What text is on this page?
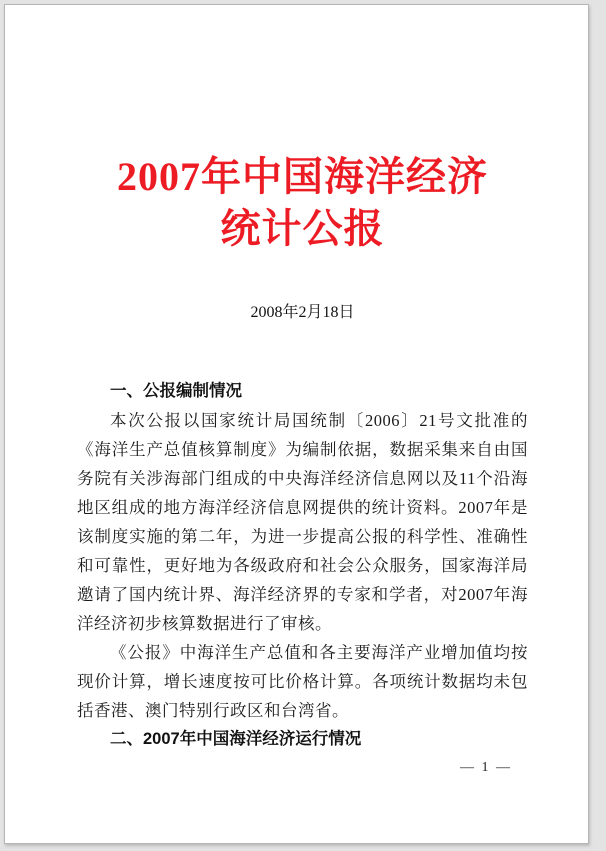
2007年中国海洋经济
统计公报

2008年2月18日

一、公报编制情况

本次公报以国家统计局国统制〔2006〕21号文批准的《海洋生产总值核算制度》为编制依据，数据采集来自由国务院有关涉海部门组成的中央海洋经济信息网以及11个沿海地区组成的地方海洋经济信息网提供的统计资料。2007年是该制度实施的第二年，为进一步提高公报的科学性、准确性和可靠性，更好地为各级政府和社会公众服务，国家海洋局邀请了国内统计界、海洋经济界的专家和学者，对2007年海洋经济初步核算数据进行了审核。

《公报》中海洋生产总值和各主要海洋产业增加值均按现价计算，增长速度按可比价格计算。各项统计数据均未包括香港、澳门特别行政区和台湾省。

二、2007年中国海洋经济运行情况
— 1 —
